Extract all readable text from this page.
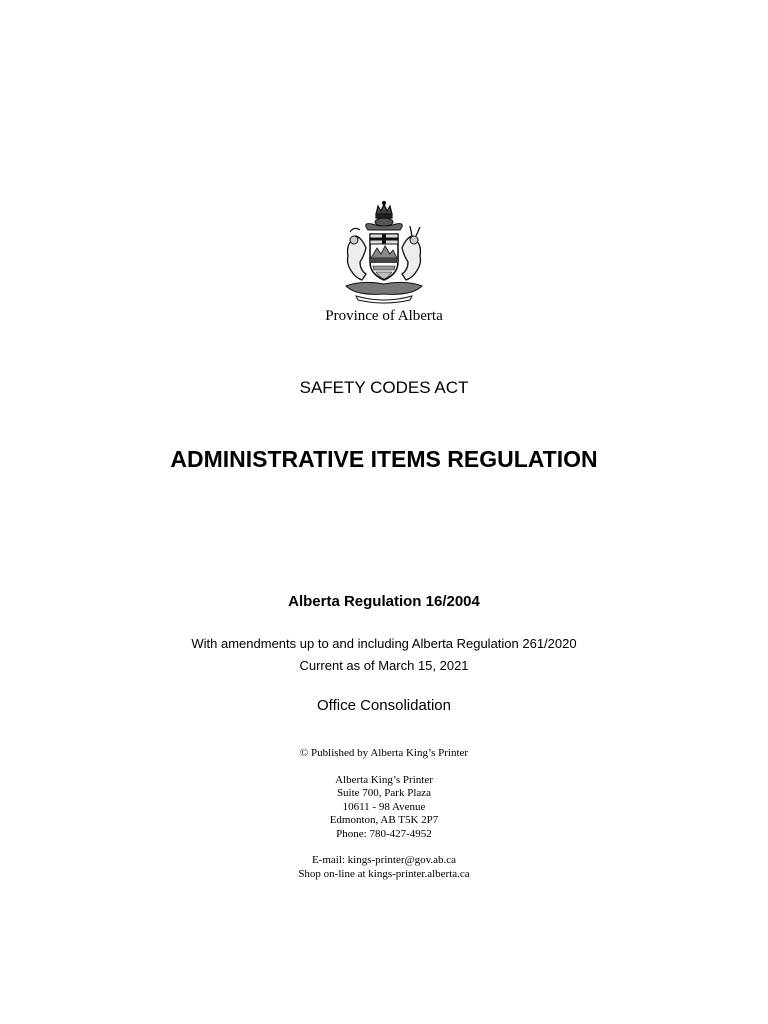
Province of Alberta
SAFETY CODES ACT
ADMINISTRATIVE ITEMS REGULATION
Alberta Regulation 16/2004
With amendments up to and including Alberta Regulation 261/2020
Current as of March 15, 2021
Office Consolidation
© Published by Alberta King’s Printer
Alberta King’s Printer
Suite 700, Park Plaza
10611 - 98 Avenue
Edmonton, AB T5K 2P7
Phone: 780-427-4952
E-mail: kings-printer@gov.ab.ca
Shop on-line at kings-printer.alberta.ca
